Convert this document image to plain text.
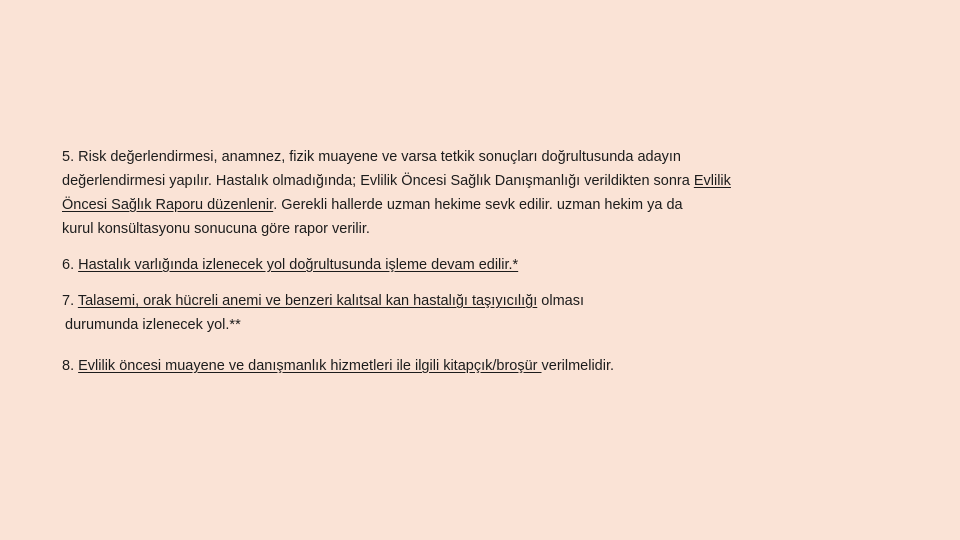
5. Risk değerlendirmesi, anamnez, fizik muayene ve varsa tetkik sonuçları doğrultusunda adayın
değerlendirmesi yapılır. Hastalık olmadığında; Evlilik Öncesi Sağlık Danışmanlığı verildikten sonra Evlilik
Öncesi Sağlık Raporu düzenlenir. Gerekli hallerde uzman hekime sevk edilir. uzman hekim ya da
kurul konsültasyonu sonucuna göre rapor verilir.

6. Hastalık varlığında izlenecek yol doğrultusunda işleme devam edilir.*

7. Talasemi, orak hücreli anemi ve benzeri kalıtsal kan hastalığı taşıyıcılığı olması
durumunda izlenecek yol.**

8. Evlilik öncesi muayene ve danışmanlık hizmetleri ile ilgili kitapçık/broşür verilmelidir.
